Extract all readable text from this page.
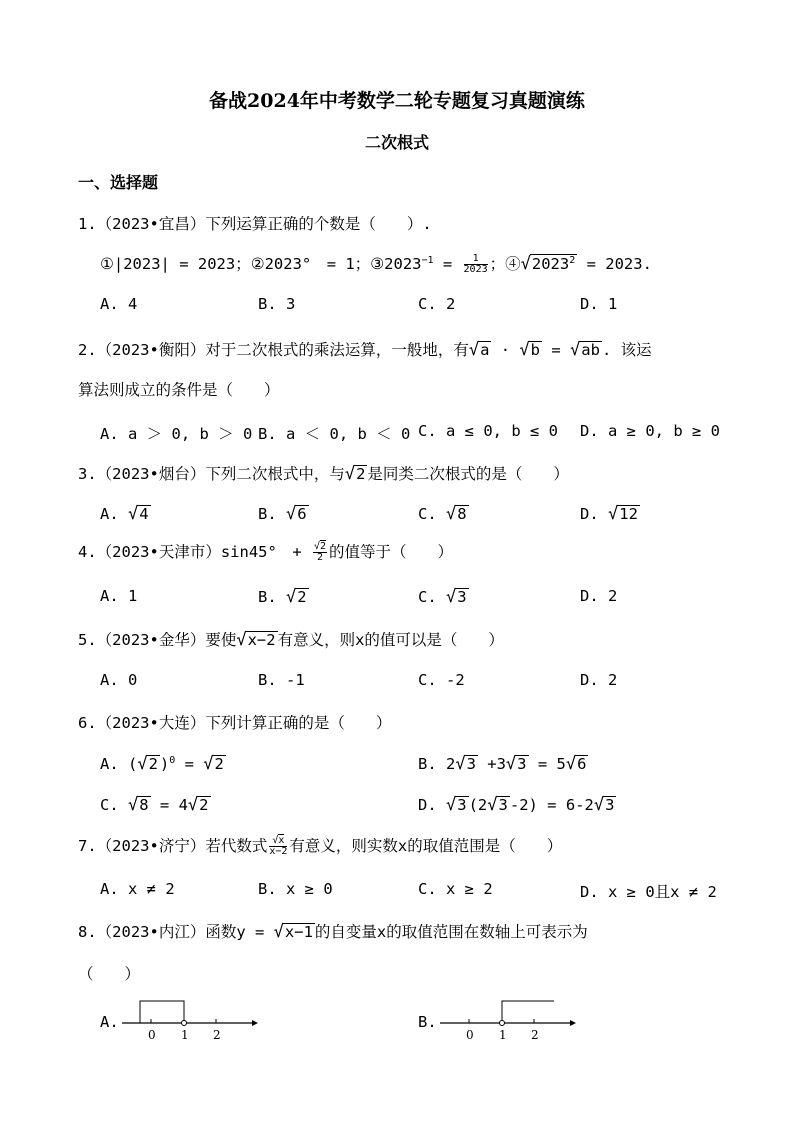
备战2024年中考数学二轮专题复习真题演练
二次根式
一、选择题
1.（2023•宜昌）下列运算正确的个数是（　　）.
①|2023| = 2023；②2023°　= 1；$③2023^{-1} = \frac{1}{2023}$ ；$④√2023^2 = 2023$.
A. 4	B. 3	C. 2	D. 1
2.（2023•衡阳）对于二次根式的乘法运算，一般地，有√a · √b = √ab . 该运
算法则成立的条件是（　　）
A. a ＞ 0, b ＞ 0 B. a ＜ 0, b ＜ 0 C. a ≤ 0, b ≤ 0 D. a ≥ 0, b ≥ 0
3.（2023•烟台）下列二次根式中，与√2 是同类二次根式的是（　　）
A. √4	B. √6	C. √8	D. √12
4.（2023•天津市）sin45°　+ $\frac{√2}{2}$ 的值等于（　　）
A. 1	B. √2	C. √3	D. 2
5.（2023•金华）要使√x−2 有意义，则x的值可以是（　　）
A. 0	B. -1	C. -2	D. 2
6.（2023•大连）下列计算正确的是（　　）
A. (√2 )$^0$ = √2	B. 2√3 +3√3 = 5√6
C. √8 = 4√2	D. √3 (2√3 -2) = 6-2√3
7.（2023•济宁）若代数式 $\frac{√x}{x-2}$ 有意义，则实数x的取值范围是（　　）
A. x ≠ 2	B. x ≥ 0	C. x ≥ 2	D. x ≥ 0且x ≠ 2
8.（2023•内江）函数y = √x−1 的自变量x的取值范围在数轴上可表示为
（　　）
A.
0 1 2
B.
0 1 2
